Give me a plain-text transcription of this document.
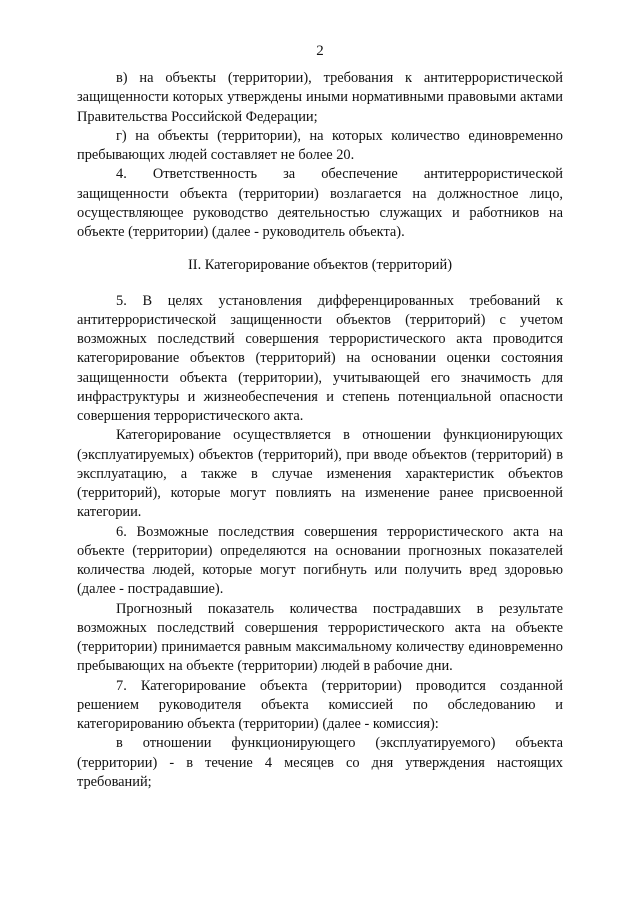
2

в) на объекты (территории), требования к антитеррористической защищенности которых утверждены иными нормативными правовыми актами Правительства Российской Федерации;

г) на объекты (территории), на которых количество единовременно пребывающих людей составляет не более 20.

4. Ответственность за обеспечение антитеррористической защищенности объекта (территории) возлагается на должностное лицо, осуществляющее руководство деятельностью служащих и работников на объекте (территории) (далее - руководитель объекта).

II. Категорирование объектов (территорий)

5. В целях установления дифференцированных требований к антитеррористической защищенности объектов (территорий) с учетом возможных последствий совершения террористического акта проводится категорирование объектов (территорий) на основании оценки состояния защищенности объекта (территории), учитывающей его значимость для инфраструктуры и жизнеобеспечения и степень потенциальной опасности совершения террористического акта.

Категорирование осуществляется в отношении функционирующих (эксплуатируемых) объектов (территорий), при вводе объектов (территорий) в эксплуатацию, а также в случае изменения характеристик объектов (территорий), которые могут повлиять на изменение ранее присвоенной категории.

6. Возможные последствия совершения террористического акта на объекте (территории) определяются на основании прогнозных показателей количества людей, которые могут погибнуть или получить вред здоровью (далее - пострадавшие).

Прогнозный показатель количества пострадавших в результате возможных последствий совершения террористического акта на объекте (территории) принимается равным максимальному количеству единовременно пребывающих на объекте (территории) людей в рабочие дни.

7. Категорирование объекта (территории) проводится созданной решением руководителя объекта комиссией по обследованию и категорированию объекта (территории) (далее - комиссия):

в отношении функционирующего (эксплуатируемого) объекта (территории) - в течение 4 месяцев со дня утверждения настоящих требований;
